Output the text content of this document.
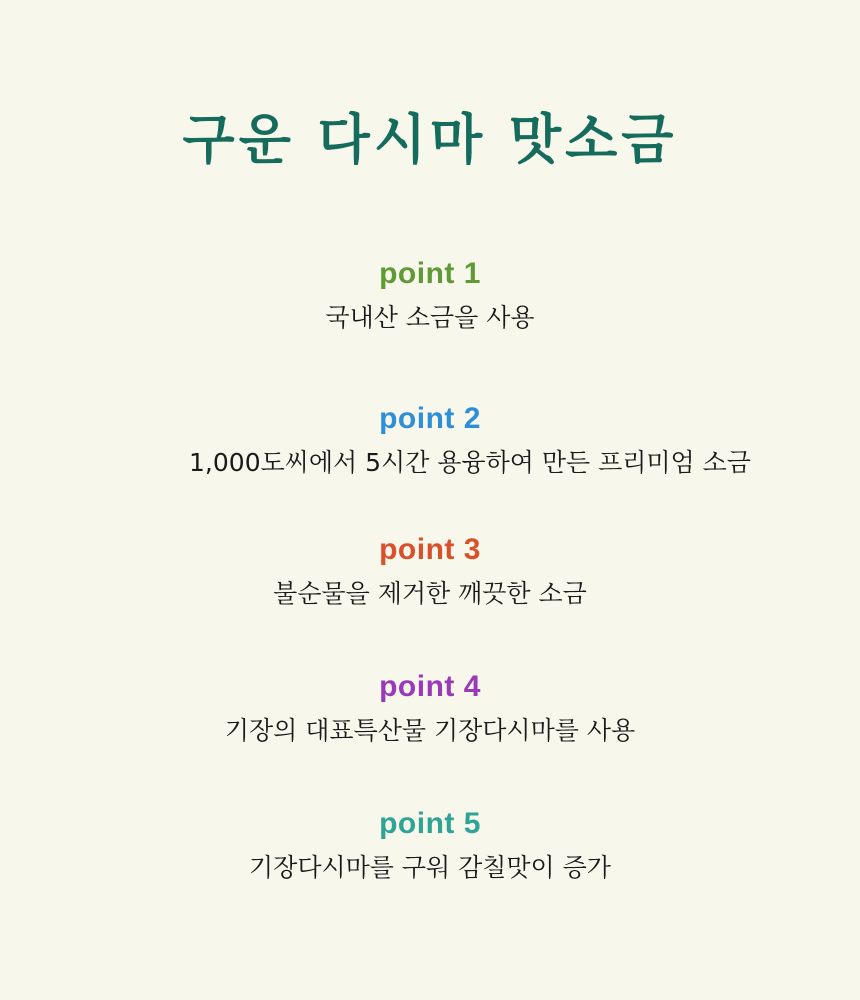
구운 다시마 맛소금
point 1
국내산 소금을 사용
point 2
1,000도씨에서 5시간 용융하여 만든 프리미엄 소금
point 3
불순물을 제거한 깨끗한 소금
point 4
기장의 대표특산물 기장다시마를 사용
point 5
기장다시마를 구워 감칠맛이 증가
